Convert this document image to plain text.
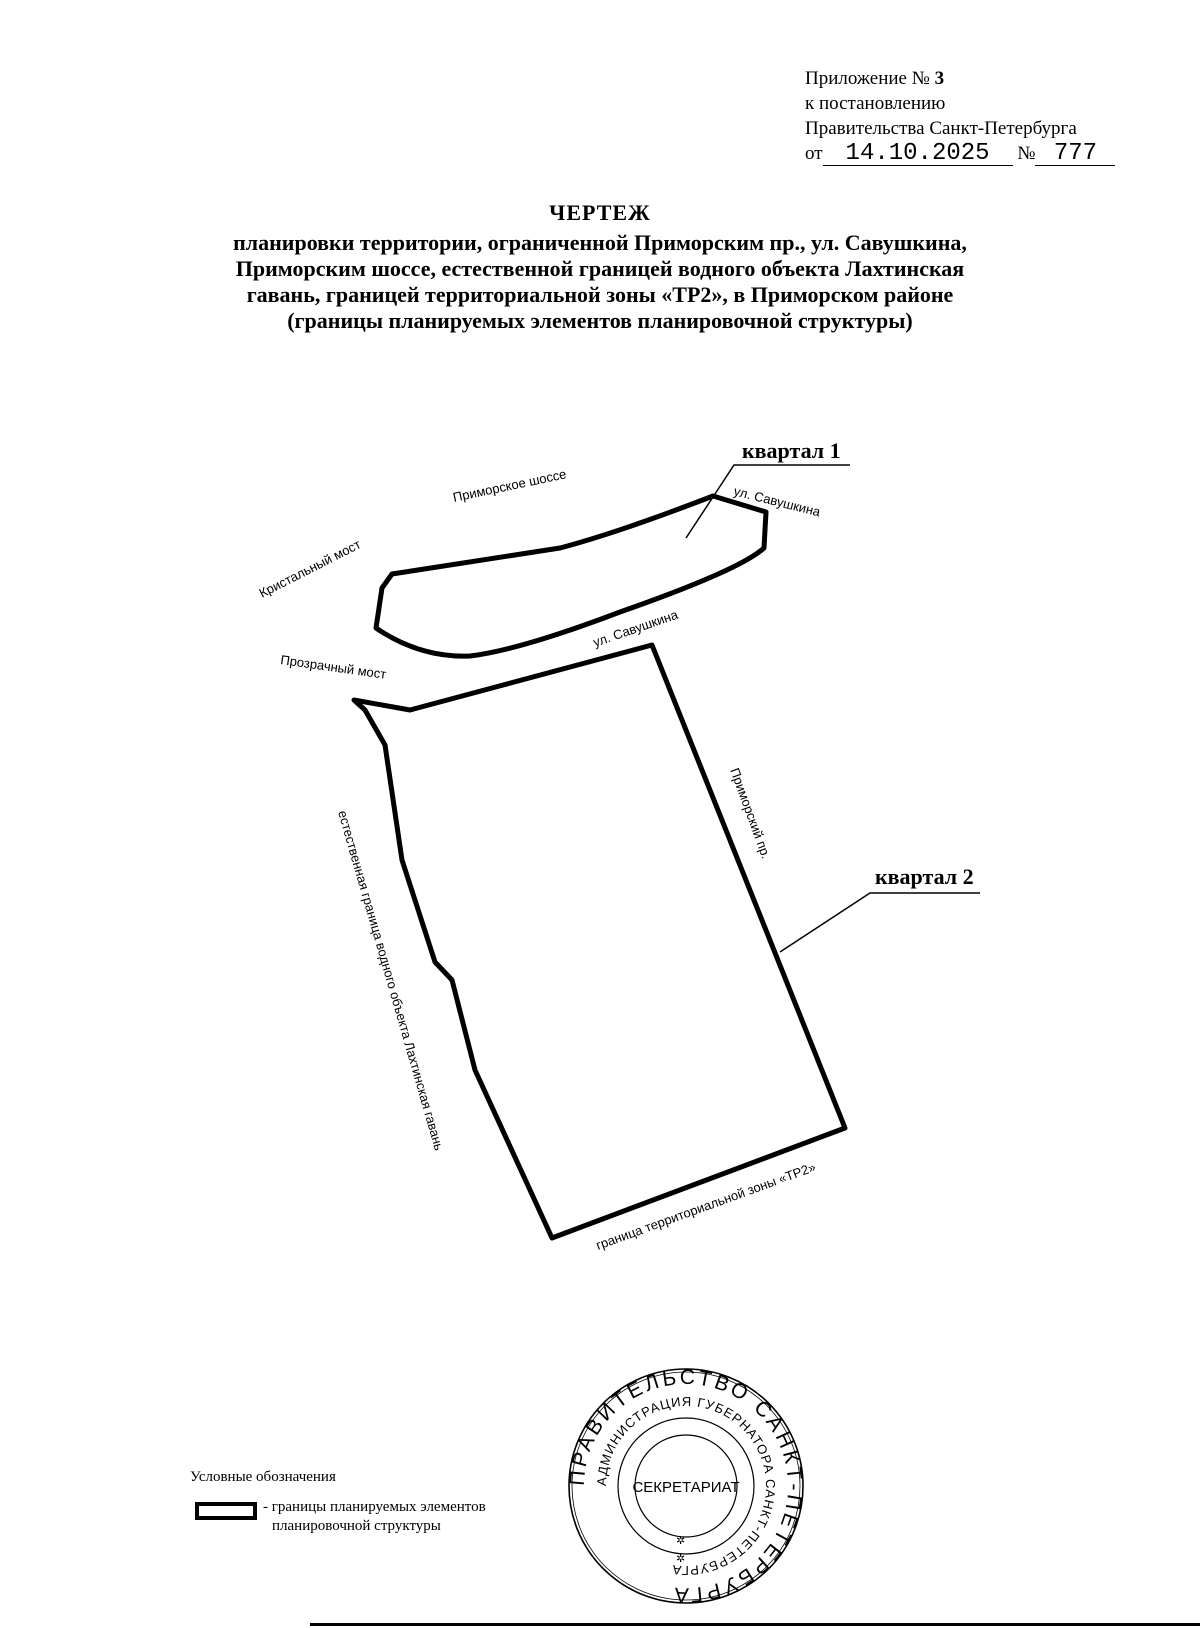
Приложение № 3
к постановлению
Правительства Санкт-Петербурга
от 14.10.2025 № 777
ЧЕРТЕЖ
планировки территории, ограниченной Приморским пр., ул. Савушкина,
Приморским шоссе, естественной границей водного объекта Лахтинская
гавань, границей территориальной зоны «ТР2», в Приморском районе
(границы планируемых элементов планировочной структуры)
квартал 1
квартал 2
Приморское шоссе	ул. Савушкина
Кристальный мост
ул. Савушкина
Прозрачный мост
Приморский пр.
естественная граница водного объекта Лахтинская гавань
граница территориальной зоны «ТР2»
Условные обозначения
- границы планируемых элементов
планировочной структуры
ПРАВИТЕЛЬСТВО САНКТ-ПЕТЕРБУРГА
АДМИНИСТРАЦИЯ ГУБЕРНАТОРА САНКТ-ПЕТЕРБУРГА
СЕКРЕТАРИАТ
✲
✲
